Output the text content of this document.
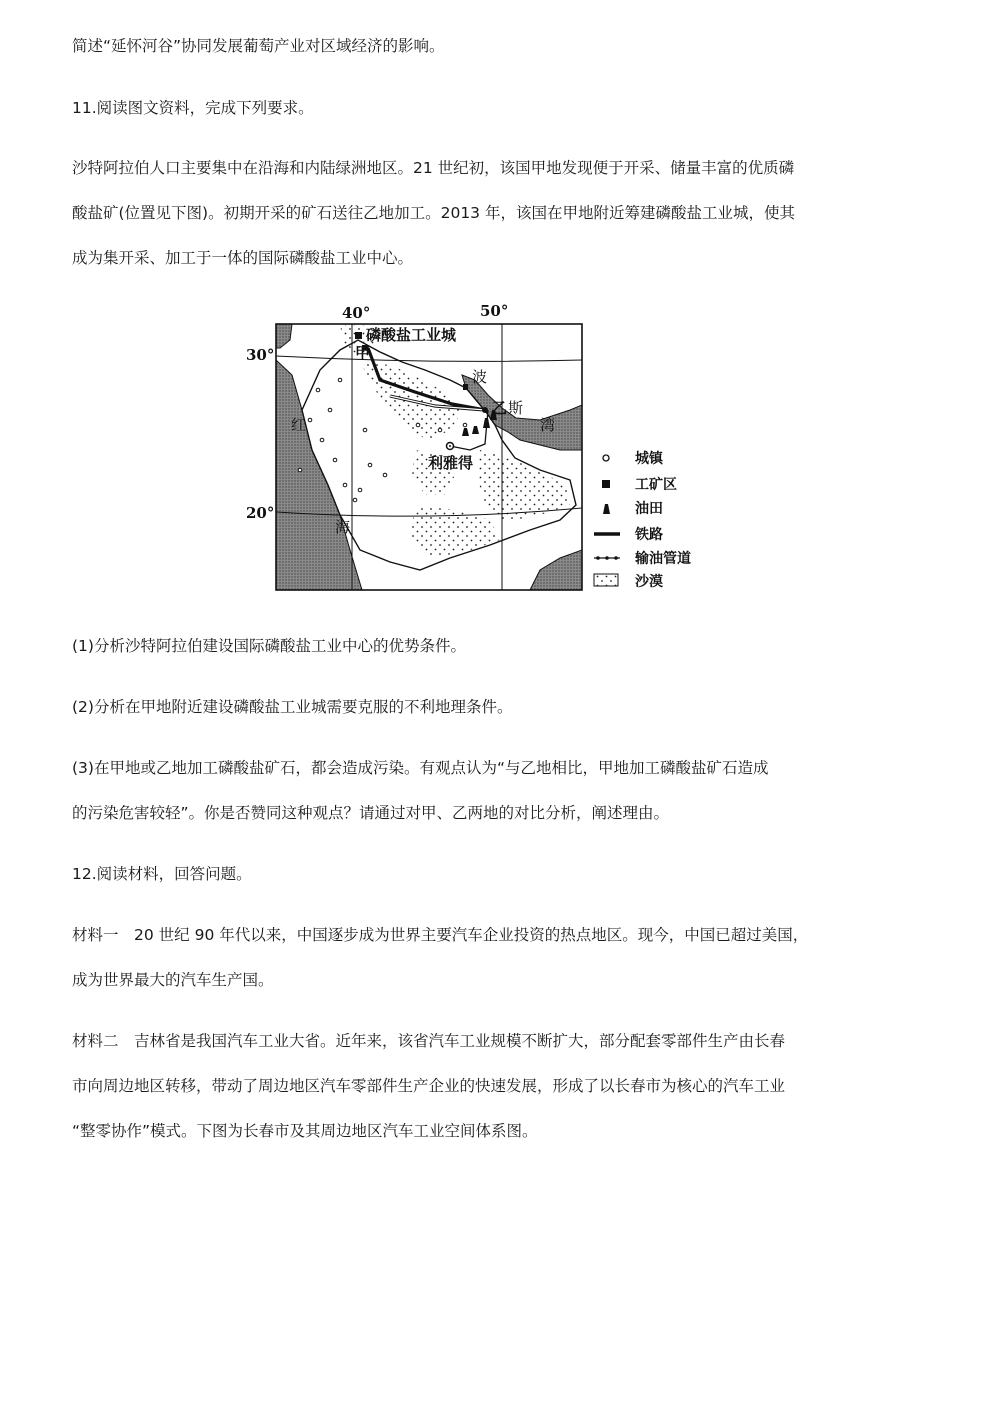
简述“延怀河谷”协同发展葡萄产业对区域经济的影响。

11.阅读图文资料，完成下列要求。

沙特阿拉伯人口主要集中在沿海和内陆绿洲地区。21 世纪初，该国甲地发现便于开采、储量丰富的优质磷

酸盐矿(位置见下图)。初期开采的矿石送往乙地加工。2013 年，该国在甲地附近筹建磷酸盐工业城，使其

成为集开采、加工于一体的国际磷酸盐工业中心。

40°	50°
30°
20°
磷酸盐工业城
甲
乙
利雅得
红
海
波
斯
湾
城镇
工矿区
油田
铁路
输油管道
沙漠

(1)分析沙特阿拉伯建设国际磷酸盐工业中心的优势条件。

(2)分析在甲地附近建设磷酸盐工业城需要克服的不利地理条件。

(3)在甲地或乙地加工磷酸盐矿石，都会造成污染。有观点认为“与乙地相比，甲地加工磷酸盐矿石造成

的污染危害较轻”。你是否赞同这种观点？请通过对甲、乙两地的对比分析，阐述理由。

12.阅读材料，回答问题。

材料一　20 世纪 90 年代以来，中国逐步成为世界主要汽车企业投资的热点地区。现今，中国已超过美国，

成为世界最大的汽车生产国。

材料二　吉林省是我国汽车工业大省。近年来，该省汽车工业规模不断扩大，部分配套零部件生产由长春

市向周边地区转移，带动了周边地区汽车零部件生产企业的快速发展，形成了以长春市为核心的汽车工业

“整零协作”模式。下图为长春市及其周边地区汽车工业空间体系图。
